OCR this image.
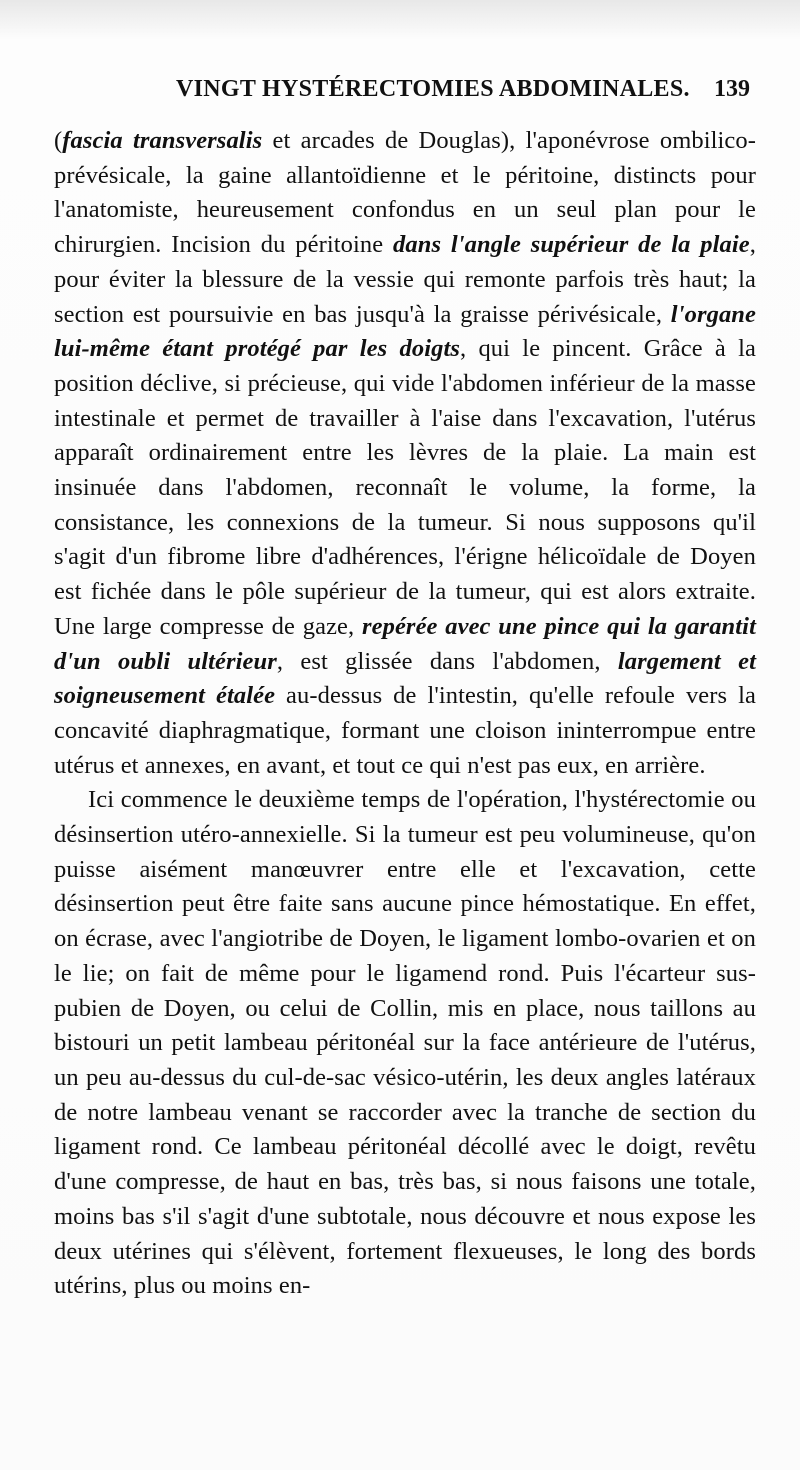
VINGT HYSTÉRECTOMIES ABDOMINALES. 139

(fascia transversalis et arcades de Douglas), l'aponévrose ombilico-prévésicale, la gaine allantoïdienne et le péritoine, distincts pour l'anatomiste, heureusement confondus en un seul plan pour le chirurgien. Incision du péritoine dans l'angle supérieur de la plaie, pour éviter la blessure de la vessie qui remonte parfois très haut; la section est poursuivie en bas jusqu'à la graisse périvésicale, l'organe lui-même étant protégé par les doigts, qui le pincent. Grâce à la position déclive, si précieuse, qui vide l'abdomen inférieur de la masse intestinale et permet de travailler à l'aise dans l'excavation, l'utérus apparaît ordinairement entre les lèvres de la plaie. La main est insinuée dans l'abdomen, reconnaît le volume, la forme, la consistance, les connexions de la tumeur. Si nous supposons qu'il s'agit d'un fibrome libre d'adhérences, l'érigne hélicoïdale de Doyen est fichée dans le pôle supérieur de la tumeur, qui est alors extraite. Une large compresse de gaze, repérée avec une pince qui la garantit d'un oubli ultérieur, est glissée dans l'abdomen, largement et soigneusement étalée au-dessus de l'intestin, qu'elle refoule vers la concavité diaphragmatique, formant une cloison ininterrompue entre utérus et annexes, en avant, et tout ce qui n'est pas eux, en arrière.

Ici commence le deuxième temps de l'opération, l'hystérectomie ou désinsertion utéro-annexielle. Si la tumeur est peu volumineuse, qu'on puisse aisément manœuvrer entre elle et l'excavation, cette désinsertion peut être faite sans aucune pince hémostatique. En effet, on écrase, avec l'angiotribe de Doyen, le ligament lombo-ovarien et on le lie; on fait de même pour le ligamend rond. Puis l'écarteur sus-pubien de Doyen, ou celui de Collin, mis en place, nous taillons au bistouri un petit lambeau péritonéal sur la face antérieure de l'utérus, un peu au-dessus du cul-de-sac vésico-utérin, les deux angles latéraux de notre lambeau venant se raccorder avec la tranche de section du ligament rond. Ce lambeau péritonéal décollé avec le doigt, revêtu d'une compresse, de haut en bas, très bas, si nous faisons une totale, moins bas s'il s'agit d'une subtotale, nous découvre et nous expose les deux utérines qui s'élèvent, fortement flexueuses, le long des bords utérins, plus ou moins en-
